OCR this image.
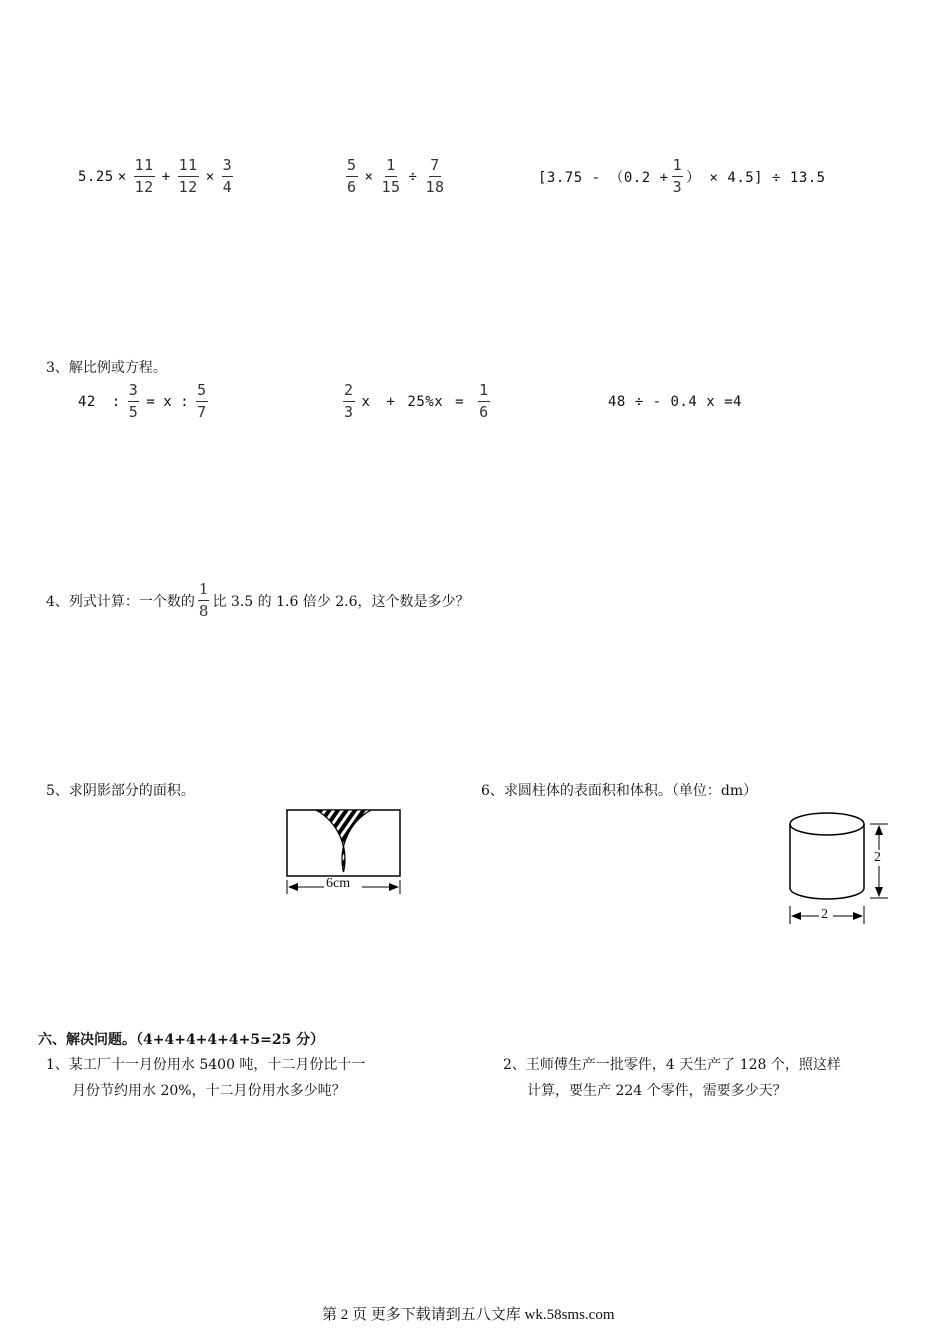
$5.25 \times \frac{11}{12} + \frac{11}{12} \times \frac{3}{4}$	$\frac{5}{6} \times \frac{1}{15} \div \frac{7}{18}$	[$3.75 - (0.2 + \frac{1}{3}$ ） × 4.5] ÷ 13.5
3、解比例或方程。
42 : $\frac{3}{5} = x$ : $\frac{5}{7}$	$\frac{2}{3}$ $x + 25\%x = \frac{1}{6}$	48 ÷ - 0.4 x =4
4、列式计算：一个数的 $\frac{1}{8}$ 比 3.5 的 1.6 倍少 2.6，这个数是多少？
5、求阴影部分的面积。	6、求圆柱体的表面积和体积。（单位：dm）
6cm
2
2
六、解决问题。（4+4+4+4+4+5=25 分）
1、某工厂十一月份用水 5400 吨，十二月份比十一
月份节约用水 20%，十二月份用水多少吨？
2、王师傅生产一批零件，4 天生产了 128 个，照这样
计算，要生产 224 个零件，需要多少天？
第 2 页 更多下载请到五八文库 wk.58sms.com
